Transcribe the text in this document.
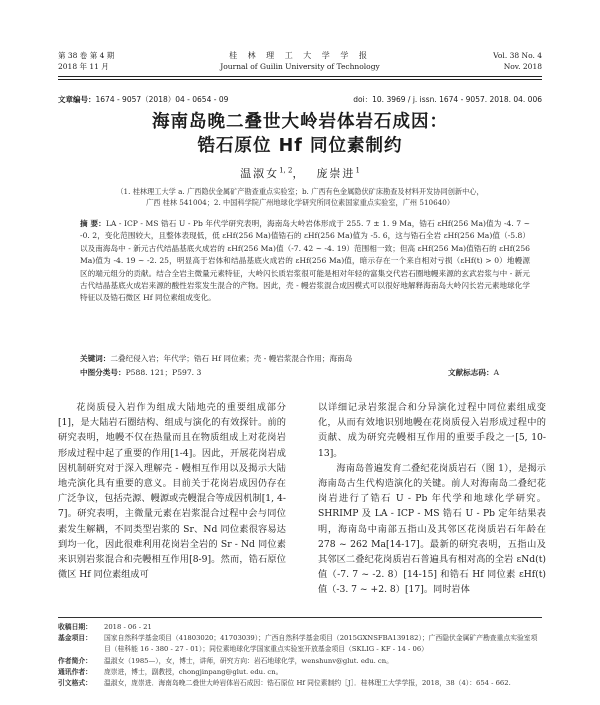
第 38 卷 第 4 期
2018 年 11 月
桂 林 理 工 大 学 学 报
Journal of Guilin University of Technology
Vol. 38 No. 4
Nov. 2018
文章编号：1674 - 9057（2018）04 - 0654 - 09	doi：10. 3969 / j. issn. 1674 - 9057. 2018. 04. 006
海南岛晚二叠世大岭岩体岩石成因：
锆石原位 Hf 同位素制约
温淑女$^{1, 2}$，  庞崇进$^1$
（1. 桂林理工大学 a. 广西隐伏金属矿产勘查重点实验室；b. 广西有色金属隐伏矿床勘查及材料开发协同创新中心，
广西 桂林 541004；2. 中国科学院广州地球化学研究所同位素国家重点实验室，广州 510640）
摘 要：LA - ICP - MS 锆石 U - Pb 年代学研究表明，海南岛大岭岩体形成于 255. 7 ± 1. 9 Ma，锆石 εHf(256 Ma)值为 -4. 7 ~ -0. 2，变化范围较大，且整体表现低，低 εHf(256 Ma)值锆石的 εHf(256 Ma)值为 -5. 6，这与锆石全岩 εHf(256 Ma)值（-5.8）以及南海岛中 - 新元古代结晶基底火成岩的 εHf(256 Ma)值（-7. 42 ~ -4. 19）范围相一致；但高 εHf(256 Ma)值锆石的 εHf(256 Ma)值为 -4. 19 ~ -2. 25，明显高于岩体和结晶基底火成岩的 εHf(256 Ma)值，暗示存在一个来自相对亏损（εHf(t) > 0）地幔源区的端元组分的贡献。结合全岩主微量元素特征，大岭闪长质岩浆很可能是相对年轻的富集交代岩石圈地幔来源的玄武岩浆与中 - 新元古代结晶基底火成岩来源的酸性岩浆发生混合的产物。因此，壳 - 幔岩浆混合成因模式可以很好地解释海南岛大岭闪长岩元素地球化学特征以及锆石微区 Hf 同位素组成变化。
关键词：二叠纪侵入岩；年代学；锆石 Hf 同位素；壳 - 幔岩浆混合作用；海南岛
中图分类号：P588. 121；P597. 3	文献标志码：A

花岗质侵入岩作为组成大陆地壳的重要组成部分[1]，是大陆岩石圈结构、组成与演化的有效探针。前的研究表明，地幔不仅在热量而且在物质组成上对花岗岩形成过程中起了重要的作用[1-4]。因此，开展花岗岩成因机制研究对于深入理解壳 - 幔相互作用以及揭示大陆地壳演化具有重要的意义。目前关于花岗岩成因仍存在广泛争议，包括壳源、幔源或壳幔混合等成因机制[1, 4-7]。研究表明，主微量元素在岩浆混合过程中会与同位素发生解耦，不同类型岩浆的 Sr、Nd 同位素很容易达到均一化，因此很难利用花岗岩全岩的 Sr - Nd 同位素来识别岩浆混合和壳幔相互作用[8-9]。然而，锆石原位微区 Hf 同位素组成可

以详细记录岩浆混合和分异演化过程中同位素组成变化，从而有效地识别地幔在花岗质侵入岩形成过程中的贡献、成为研究壳幔相互作用的重要手段之一[5, 10-13]。

海南岛普遍发育二叠纪花岗质岩石（图 1），是揭示海南岛古生代构造演化的关键。前人对海南岛二叠纪花岗岩进行了锆石 U - Pb 年代学和地球化学研究。SHRIMP 及 LA - ICP - MS 锆石 U - Pb 定年结果表明，海南岛中南部五指山及其邻区花岗质岩石年龄在 278 ~ 262 Ma[14-17]。最新的研究表明，五指山及其邻区二叠纪花岗质岩石普遍具有相对高的全岩 εNd(t) 值（-7. 7 ~ -2. 8）[14-15] 和锆石 Hf 同位素 εHf(t) 值（-3. 7 ~ +2. 8）[17]。同时岩体

收稿日期：	2018 - 06 - 21
基金项目：	国家自然科学基金项目（41803020；41703039）；广西自然科学基金项目（2015GXNSFBA139182）；广西隐伏金属矿产勘查重点实验室项目（桂科能 16 - 380 - 27 - 01）；同位素地球化学国家重点实验室开放基金项目（SKLIG - KF - 14 - 06）
作者简介：	温淑女（1985—），女，博士，讲师，研究方向：岩石地球化学，wenshunv@glut. edu. cn。
通讯作者：	庞崇进，博士，副教授，chongjinpang@glut. edu. cn。
引文格式：	温淑女，庞崇进．海南岛晚二叠世大岭岩体岩石成因：锆石原位 Hf 同位素制约［J］．桂林理工大学学报，2018，38（4）：654 - 662.
